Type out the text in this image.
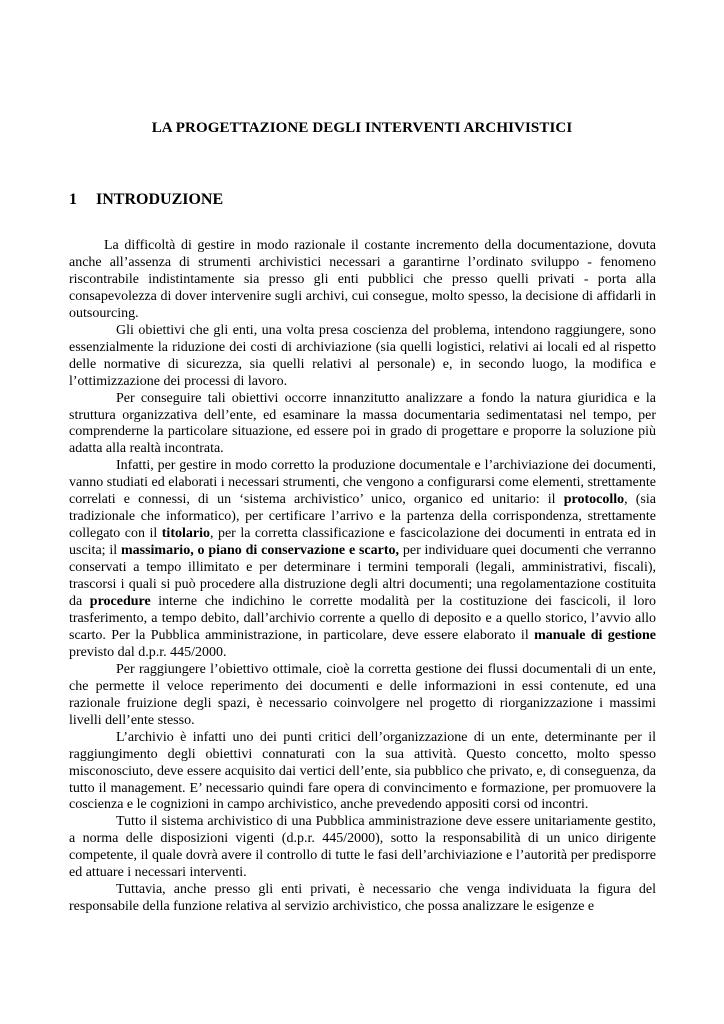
LA PROGETTAZIONE DEGLI INTERVENTI ARCHIVISTICI
1 INTRODUZIONE

La difficoltà di gestire in modo razionale il costante incremento della documentazione, dovuta anche all’assenza di strumenti archivistici necessari a garantirne l’ordinato sviluppo - fenomeno riscontrabile indistintamente sia presso gli enti pubblici che presso quelli privati - porta alla consapevolezza di dover intervenire sugli archivi, cui consegue, molto spesso, la decisione di affidarli in outsourcing.

Gli obiettivi che gli enti, una volta presa coscienza del problema, intendono raggiungere, sono essenzialmente la riduzione dei costi di archiviazione (sia quelli logistici, relativi ai locali ed al rispetto delle normative di sicurezza, sia quelli relativi al personale) e, in secondo luogo, la modifica e l’ottimizzazione dei processi di lavoro.

Per conseguire tali obiettivi occorre innanzitutto analizzare a fondo la natura giuridica e la struttura organizzativa dell’ente, ed esaminare la massa documentaria sedimentatasi nel tempo, per comprenderne la particolare situazione, ed essere poi in grado di progettare e proporre la soluzione più adatta alla realtà incontrata.

Infatti, per gestire in modo corretto la produzione documentale e l’archiviazione dei documenti, vanno studiati ed elaborati i necessari strumenti, che vengono a configurarsi come elementi, strettamente correlati e connessi, di un ‘sistema archivistico’ unico, organico ed unitario: il protocollo, (sia tradizionale che informatico), per certificare l’arrivo e la partenza della corrispondenza, strettamente collegato con il titolario, per la corretta classificazione e fascicolazione dei documenti in entrata ed in uscita; il massimario, o piano di conservazione e scarto, per individuare quei documenti che verranno conservati a tempo illimitato e per determinare i termini temporali (legali, amministrativi, fiscali), trascorsi i quali si può procedere alla distruzione degli altri documenti; una regolamentazione costituita da procedure interne che indichino le corrette modalità per la costituzione dei fascicoli, il loro trasferimento, a tempo debito, dall’archivio corrente a quello di deposito e a quello storico, l’avvio allo scarto. Per la Pubblica amministrazione, in particolare, deve essere elaborato il manuale di gestione previsto dal d.p.r. 445/2000.

Per raggiungere l’obiettivo ottimale, cioè la corretta gestione dei flussi documentali di un ente, che permette il veloce reperimento dei documenti e delle informazioni in essi contenute, ed una razionale fruizione degli spazi, è necessario coinvolgere nel progetto di riorganizzazione i massimi livelli dell’ente stesso.

L’archivio è infatti uno dei punti critici dell’organizzazione di un ente, determinante per il raggiungimento degli obiettivi connaturati con la sua attività. Questo concetto, molto spesso misconosciuto, deve essere acquisito dai vertici dell’ente, sia pubblico che privato, e, di conseguenza, da tutto il management. E’ necessario quindi fare opera di convincimento e formazione, per promuovere la coscienza e le cognizioni in campo archivistico, anche prevedendo appositi corsi od incontri.

Tutto il sistema archivistico di una Pubblica amministrazione deve essere unitariamente gestito, a norma delle disposizioni vigenti (d.p.r. 445/2000), sotto la responsabilità di un unico dirigente competente, il quale dovrà avere il controllo di tutte le fasi dell’archiviazione e l’autorità per predisporre ed attuare i necessari interventi.

Tuttavia, anche presso gli enti privati, è necessario che venga individuata la figura del responsabile della funzione relativa al servizio archivistico, che possa analizzare le esigenze e
